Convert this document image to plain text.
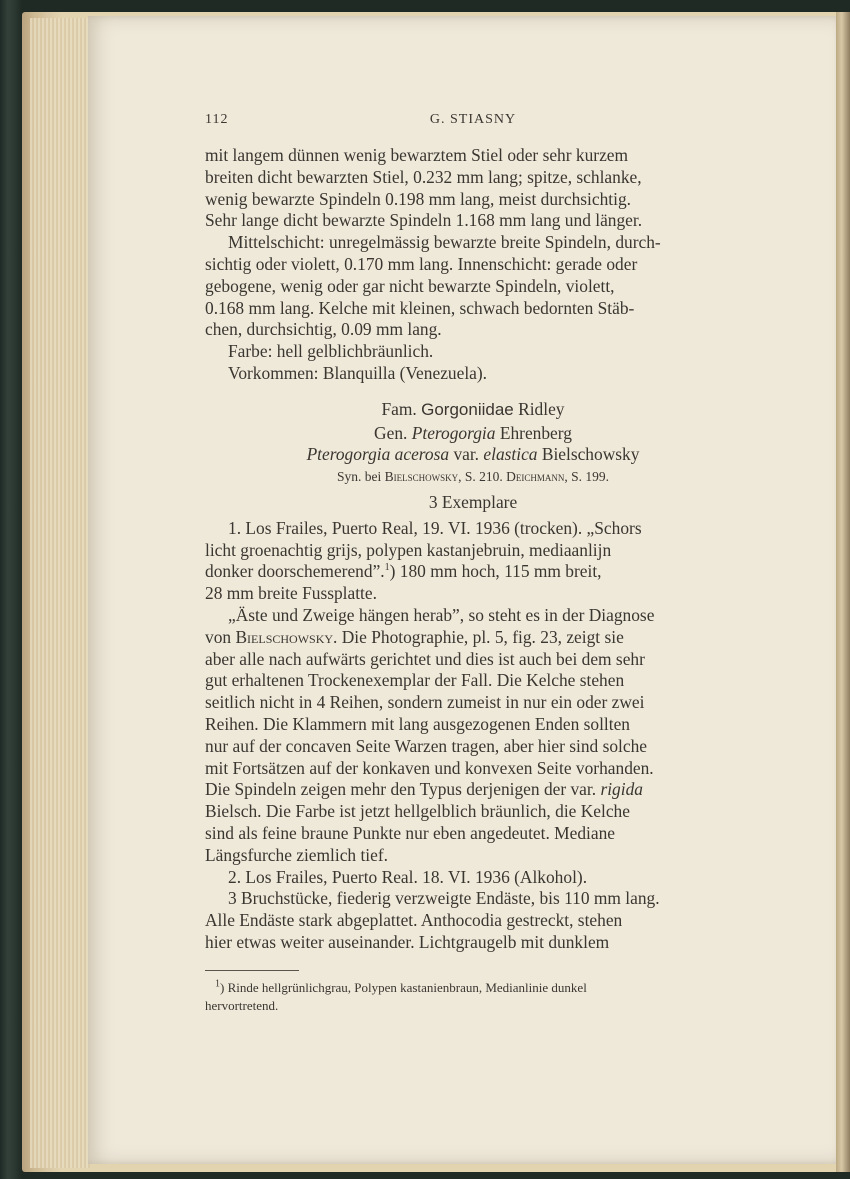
112	G. STIASNY

mit langem dünnen wenig bewarztem Stiel oder sehr kurzem

breiten dicht bewarzten Stiel, 0.232 mm lang; spitze, schlanke,

wenig bewarzte Spindeln 0.198 mm lang, meist durchsichtig.

Sehr lange dicht bewarzte Spindeln 1.168 mm lang und länger.

Mittelschicht: unregelmässig bewarzte breite Spindeln, durch-

sichtig oder violett, 0.170 mm lang. Innenschicht: gerade oder

gebogene, wenig oder gar nicht bewarzte Spindeln, violett,

0.168 mm lang. Kelche mit kleinen, schwach bedornten Stäb-

chen, durchsichtig, 0.09 mm lang.

Farbe: hell gelblichbräunlich.

Vorkommen: Blanquilla (Venezuela).

Fam. Gorgoniidae Ridley

Gen. Pterogorgia Ehrenberg

Pterogorgia acerosa var. elastica Bielschowsky

Syn. bei Bielschowsky, S. 210. Deichmann, S. 199.

3 Exemplare

1. Los Frailes, Puerto Real, 19. VI. 1936 (trocken). „Schors

licht groenachtig grijs, polypen kastanjebruin, mediaanlijn

donker doorschemerend”.$^1$) 180 mm hoch, 115 mm breit,

28 mm breite Fussplatte.

„Äste und Zweige hängen herab”, so steht es in der Diagnose

von Bielschowsky. Die Photographie, pl. 5, fig. 23, zeigt sie

aber alle nach aufwärts gerichtet und dies ist auch bei dem sehr

gut erhaltenen Trockenexemplar der Fall. Die Kelche stehen

seitlich nicht in 4 Reihen, sondern zumeist in nur ein oder zwei

Reihen. Die Klammern mit lang ausgezogenen Enden sollten

nur auf der concaven Seite Warzen tragen, aber hier sind solche

mit Fortsätzen auf der konkaven und konvexen Seite vorhanden.

Die Spindeln zeigen mehr den Typus derjenigen der var. rigida

Bielsch. Die Farbe ist jetzt hellgelblich bräunlich, die Kelche

sind als feine braune Punkte nur eben angedeutet. Mediane

Längsfurche ziemlich tief.

2. Los Frailes, Puerto Real. 18. VI. 1936 (Alkohol).

3 Bruchstücke, fiederig verzweigte Endäste, bis 110 mm lang.

Alle Endäste stark abgeplattet. Anthocodia gestreckt, stehen

hier etwas weiter auseinander. Lichtgraugelb mit dunklem

$^1$) Rinde hellgrünlichgrau, Polypen kastanienbraun, Medianlinie dunkel
hervortretend.
